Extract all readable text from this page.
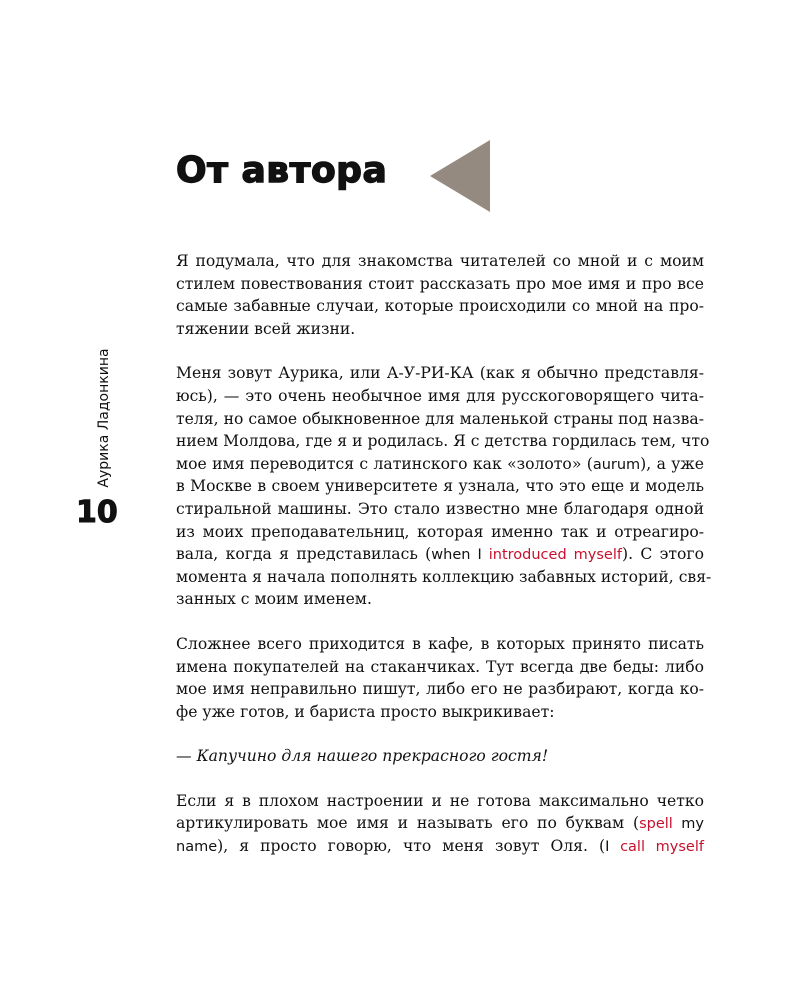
От автора
Аурика Ладонкина
10
Я подумала, что для знакомства читателей со мной и с моим
стилем повествования стоит рассказать про мое имя и про все
самые забавные случаи, которые происходили со мной на про-
тяжении всей жизни.
Меня зовут Аурика, или А-У-РИ-КА (как я обычно представля-
юсь), — это очень необычное имя для русскоговорящего чита-
теля, но самое обыкновенное для маленькой страны под назва-
нием Молдова, где я и родилась. Я с детства гордилась тем, что
мое имя переводится с латинского как «золото» (aurum), а уже
в Москве в своем университете я узнала, что это еще и модель
стиральной машины. Это стало известно мне благодаря одной
из моих преподавательниц, которая именно так и отреагиро-
вала, когда я представилась (when I introduced myself). С этого
момента я начала пополнять коллекцию забавных историй, свя-
занных с моим именем.
Сложнее всего приходится в кафе, в которых принято писать
имена покупателей на стаканчиках. Тут всегда две беды: либо
мое имя неправильно пишут, либо его не разбирают, когда ко-
фе уже готов, и бариста просто выкрикивает:
— Капучино для нашего прекрасного гостя!
Если я в плохом настроении и не готова максимально четко
артикулировать мое имя и называть его по буквам (spell my
name), я просто говорю, что меня зовут Оля. (I call myself
